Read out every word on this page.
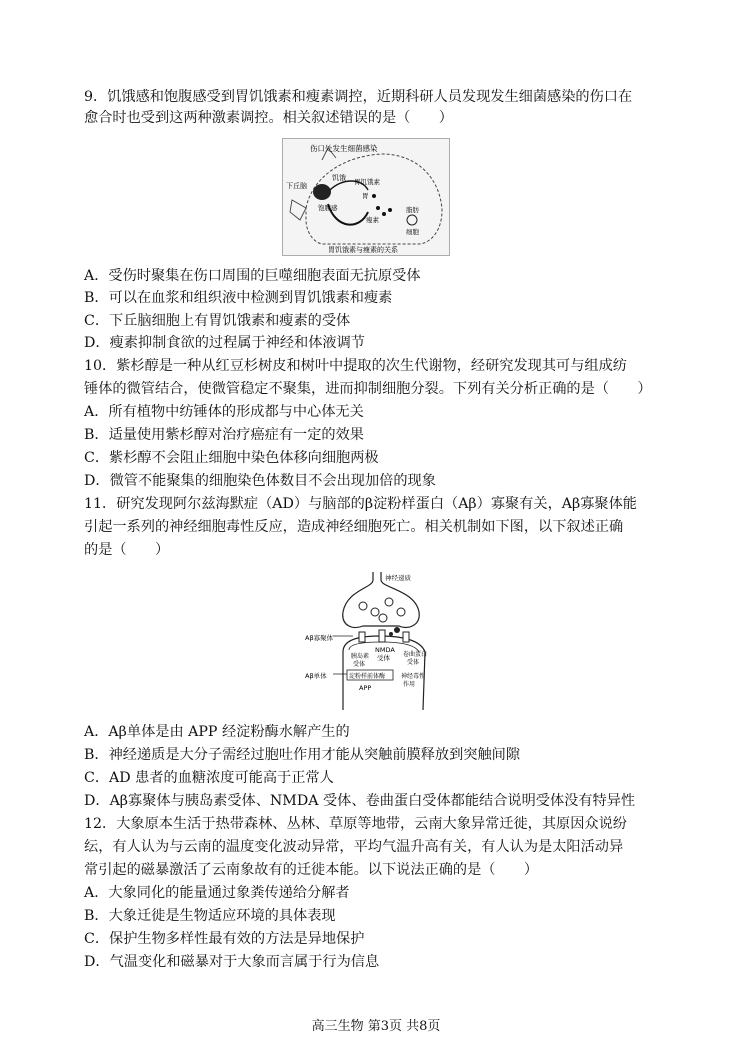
9．饥饿感和饱腹感受到胃饥饿素和瘦素调控，近期科研人员发现发生细菌感染的伤口在
愈合时也受到这两种激素调控。相关叙述错误的是（　　）
伤口处发生细菌感染
下丘脑
饥饿 胃饥饿素
胃
饱腹感
瘦素
脂肪
细胞
胃饥饿素与瘦素的关系
A．受伤时聚集在伤口周围的巨噬细胞表面无抗原受体
B．可以在血浆和组织液中检测到胃饥饿素和瘦素
C．下丘脑细胞上有胃饥饿素和瘦素的受体
D．瘦素抑制食欲的过程属于神经和体液调节
10．紫杉醇是一种从红豆杉树皮和树叶中提取的次生代谢物，经研究发现其可与组成纺
锤体的微管结合，使微管稳定不聚集，进而抑制细胞分裂。下列有关分析正确的是（　　）
A．所有植物中纺锤体的形成都与中心体无关
B．适量使用紫杉醇对治疗癌症有一定的效果
C．紫杉醇不会阻止细胞中染色体移向细胞两极
D．微管不能聚集的细胞染色体数目不会出现加倍的现象
11．研究发现阿尔兹海默症（AD）与脑部的β淀粉样蛋白（Aβ）寡聚有关，Aβ寡聚体能
引起一系列的神经细胞毒性反应，造成神经细胞死亡。相关机制如下图，以下叙述正确
的是（　　）
神经递质
Aβ寡聚体
Aβ单体
NMDA
受体
胰岛素
受体
卷曲蛋白
受体
淀粉样前体酶
APP
神经毒性
作用
A．Aβ单体是由 APP 经淀粉酶水解产生的
B．神经递质是大分子需经过胞吐作用才能从突触前膜释放到突触间隙
C．AD 患者的血糖浓度可能高于正常人
D．Aβ寡聚体与胰岛素受体、NMDA 受体、卷曲蛋白受体都能结合说明受体没有特异性
12．大象原本生活于热带森林、丛林、草原等地带，云南大象异常迁徙，其原因众说纷
纭，有人认为与云南的温度变化波动异常，平均气温升高有关，有人认为是太阳活动异
常引起的磁暴激活了云南象故有的迁徙本能。以下说法正确的是（　　）
A．大象同化的能量通过象粪传递给分解者
B．大象迁徙是生物适应环境的具体表现
C．保护生物多样性最有效的方法是异地保护
D．气温变化和磁暴对于大象而言属于行为信息
高三生物 第3页 共8页
